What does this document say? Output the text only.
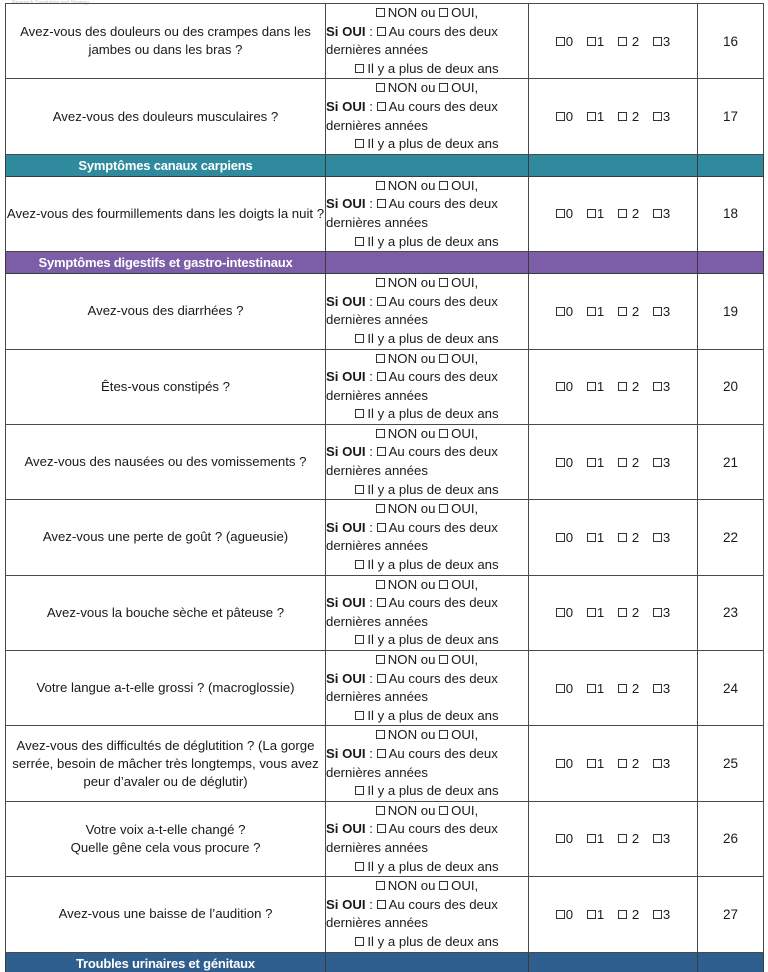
Research Translation and Strategy
Avez-vous des douleurs ou des crampes dans les jambes ou dans les bras ?	NON ou OUI,
Si OUI : Au cours des deux
dernières années
Il y a plus de deux ans	0 1 2 3	16
Avez-vous des douleurs musculaires ?	NON ou OUI,
Si OUI : Au cours des deux
dernières années
Il y a plus de deux ans	0 1 2 3	17
Symptômes canaux carpiens			
Avez-vous des fourmillements dans les doigts la nuit ?	NON ou OUI,
Si OUI : Au cours des deux
dernières années
Il y a plus de deux ans	0 1 2 3	18
Symptômes digestifs et gastro-intestinaux			
Avez-vous des diarrhées ?	NON ou OUI,
Si OUI : Au cours des deux
dernières années
Il y a plus de deux ans	0 1 2 3	19
Êtes-vous constipés ?	NON ou OUI,
Si OUI : Au cours des deux
dernières années
Il y a plus de deux ans	0 1 2 3	20
Avez-vous des nausées ou des vomissements ?	NON ou OUI,
Si OUI : Au cours des deux
dernières années
Il y a plus de deux ans	0 1 2 3	21
Avez-vous une perte de goût ? (agueusie)	NON ou OUI,
Si OUI : Au cours des deux
dernières années
Il y a plus de deux ans	0 1 2 3	22
Avez-vous la bouche sèche et pâteuse ?	NON ou OUI,
Si OUI : Au cours des deux
dernières années
Il y a plus de deux ans	0 1 2 3	23
Votre langue a-t-elle grossi ? (macroglossie)	NON ou OUI,
Si OUI : Au cours des deux
dernières années
Il y a plus de deux ans	0 1 2 3	24
Avez-vous des difficultés de déglutition ? (La gorge serrée, besoin de mâcher très longtemps, vous avez peur d’avaler ou de déglutir)	NON ou OUI,
Si OUI : Au cours des deux
dernières années
Il y a plus de deux ans	0 1 2 3	25
Votre voix a-t-elle changé ?
Quelle gêne cela vous procure ?	NON ou OUI,
Si OUI : Au cours des deux
dernières années
Il y a plus de deux ans	0 1 2 3	26
Avez-vous une baisse de l’audition ?	NON ou OUI,
Si OUI : Au cours des deux
dernières années
Il y a plus de deux ans	0 1 2 3	27
Troubles urinaires et génitaux			
